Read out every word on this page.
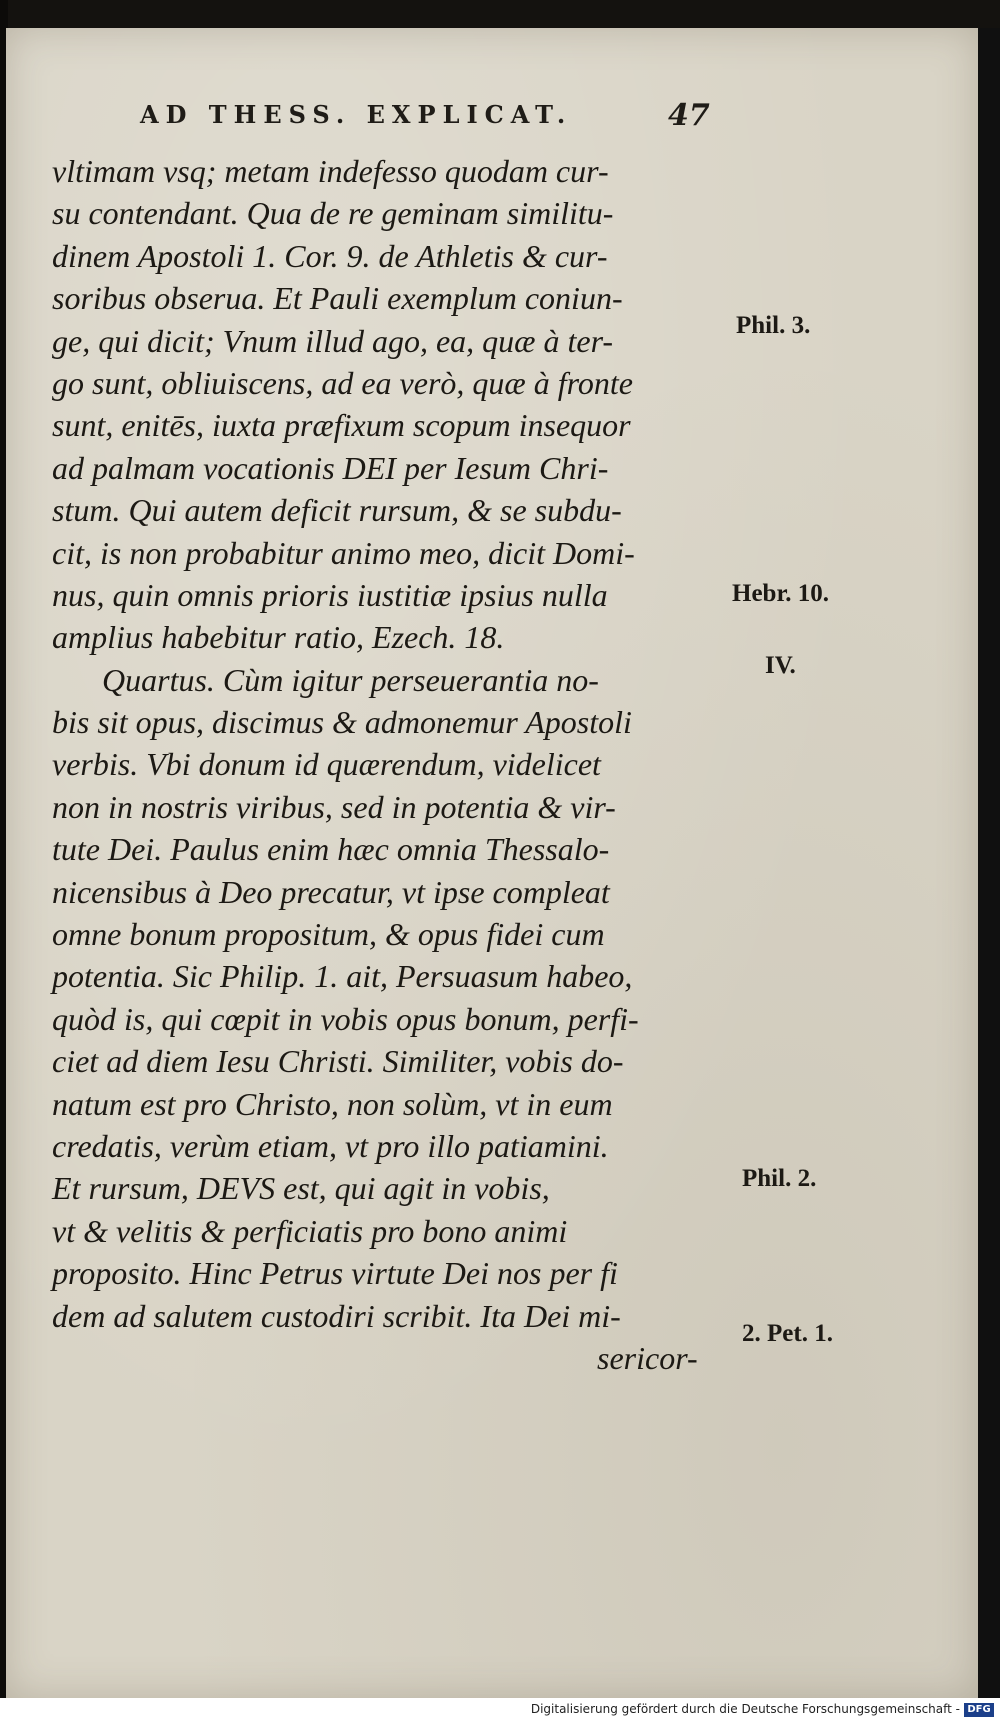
AD THESS. EXPLICAT.	47
vltimam vsq; metam indefesso quodam cur-
su contendant. Qua de re geminam similitu-
dinem Apostoli 1. Cor. 9. de Athletis & cur-
soribus obserua. Et Pauli exemplum coniun-
ge, qui dicit; Vnum illud ago, ea, quæ à ter-
go sunt, obliuiscens, ad ea verò, quæ à fronte
sunt, enitēs, iuxta præfixum scopum insequor
ad palmam vocationis DEI per Iesum Chri-
stum. Qui autem deficit rursum, & se subdu-
cit, is non probabitur animo meo, dicit Domi-
nus, quin omnis prioris iustitiæ ipsius nulla
amplius habebitur ratio, Ezech. 18.
Quartus. Cùm igitur perseuerantia no-
bis sit opus, discimus & admonemur Apostoli
verbis. Vbi donum id quærendum, videlicet
non in nostris viribus, sed in potentia & vir-
tute Dei. Paulus enim hæc omnia Thessalo-
nicensibus à Deo precatur, vt ipse compleat
omne bonum propositum, & opus fidei cum
potentia. Sic Philip. 1. ait, Persuasum habeo,
quòd is, qui cœpit in vobis opus bonum, perfi-
ciet ad diem Iesu Christi. Similiter, vobis do-
natum est pro Christo, non solùm, vt in eum
credatis, verùm etiam, vt pro illo patiamini.
Et rursum, DEVS est, qui agit in vobis,
vt & velitis & perficiatis pro bono animi
proposito. Hinc Petrus virtute Dei nos per fi
dem ad salutem custodiri scribit. Ita Dei mi-
sericor-
Phil. 3.
Hebr. 10.
IV.
Phil. 2.
2. Pet. 1.
Digitalisierung gefördert durch die Deutsche Forschungsgemeinschaft - DFG
